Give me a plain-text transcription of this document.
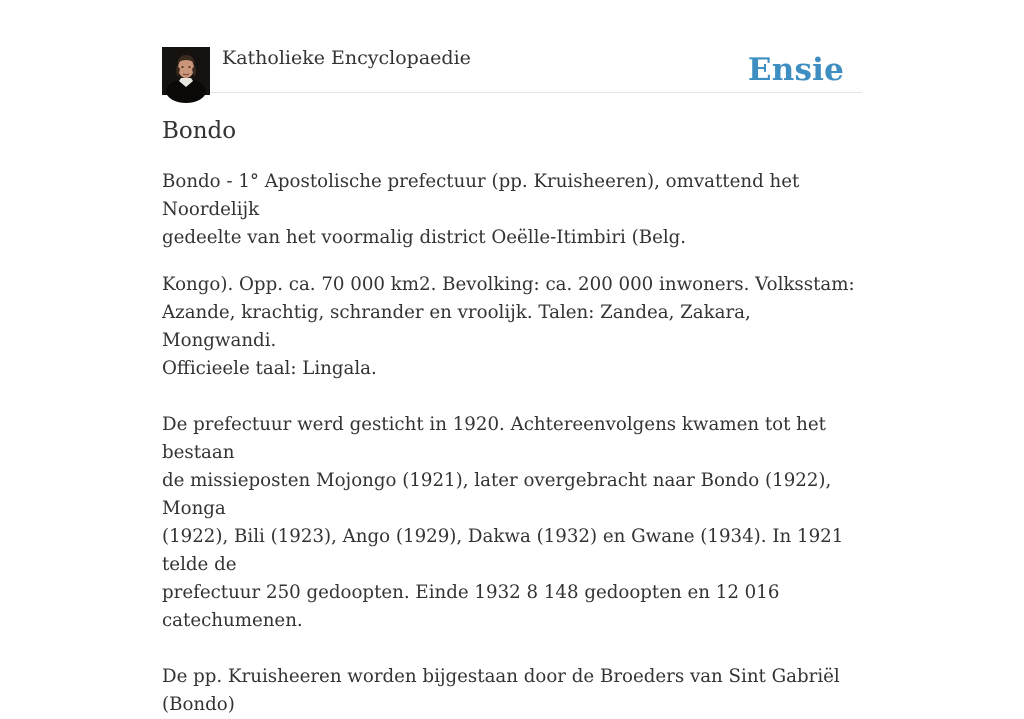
Katholieke Encyclopaedie	Ensie
Bondo

Bondo - 1° Apostolische prefectuur (pp. Kruisheeren), omvattend het Noordelijk
gedeelte van het voormalig district Oeëlle-Itimbiri (Belg.

Kongo). Opp. ca. 70 000 km2. Bevolking: ca. 200 000 inwoners. Volksstam:
Azande, krachtig, schrander en vroolijk. Talen: Zandea, Zakara, Mongwandi.
Officieele taal: Lingala.

De prefectuur werd gesticht in 1920. Achtereenvolgens kwamen tot het bestaan
de missieposten Mojongo (1921), later overgebracht naar Bondo (1922), Monga
(1922), Bili (1923), Ango (1929), Dakwa (1932) en Gwane (1934). In 1921 telde de
prefectuur 250 gedoopten. Einde 1932 8 148 gedoopten en 12 016 catechumenen.

De pp. Kruisheeren worden bijgestaan door de Broeders van Sint Gabriël (Bondo)
